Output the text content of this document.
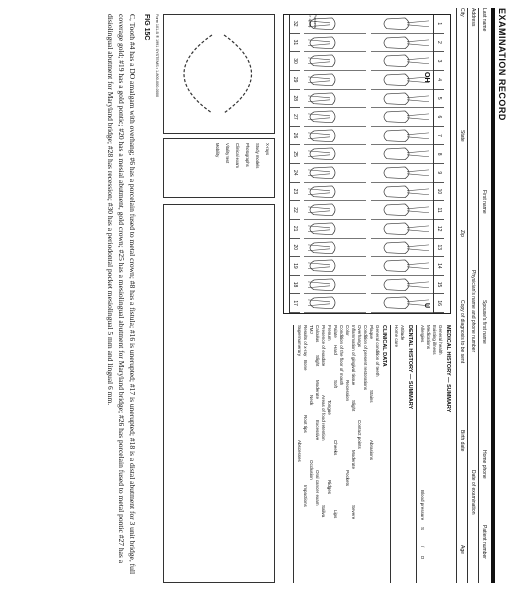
EXAMINATION RECORD
Last name
First name
Spouse's first name
Home phone
Patient number
Address
Physician's name and phone number
Date of examination
City
State
Zip
Copy of diagnosis to be sent
Birth date
Age
1
2
3
4
5
6
7
8
9
10
11
12
13
14
15
16
32
31
30
29
28
27
26
25
24
23
22
21
20
19
18
17
OH
U
Pockets
> 4mm
MEDICAL HISTORY — SUMMARY
General health
Existing illness
Medications
Allergies
Blood pressure
S
/
D
DENTAL HISTORY — SUMMARY
Attitude
Home care
CLINICAL DATA
General condition of teeth
Plaque
Stains
Abrasions
Condition of present restorations
Overhangs
Contact points
Inflammation of gingival tissue
Slight
Moderate
Severe
Color
Recession
Pockets
Condition of the floor of mouth
Palate
Hard
Soft
Cheeks
Lips
Frenum
Tongue
Ridges
Presence of exudate
Areas of food retention
Saliva
Calculus
Slight
Moderate
Excessive
Oral cancer exam
TMJ
Neck
Occlusion
Results of x-ray
Bone
Root tips
Impactions
Supernumerary
Abscesses
X-rays
Study models
Photographs
Clinical exam
Vitality test
Mobility
Form 101-B ® 1991 SYSTEMS • 1-800-000-0000
FIG 15C
C, Tooth #4 has a DO amalgam with overhang; #6 has a porcelain fused to metal crown; #8 has a fistula; #16 is unerupted; #17 is unerupted; #18 is a distal abutment for 3 unit bridge, full coverage gold; #19 has a gold pontic; #20 has a mesial abutment, gold crown; #25 has a mesiolingual abutment for Maryland bridge; #26 has porcelain fused to metal pontic #27 has a disiolingual abutment for Maryland bridge; #28 has recession; #30 has a periodontal pocket mesiolingual 5 mm and lingual 6 mm.
